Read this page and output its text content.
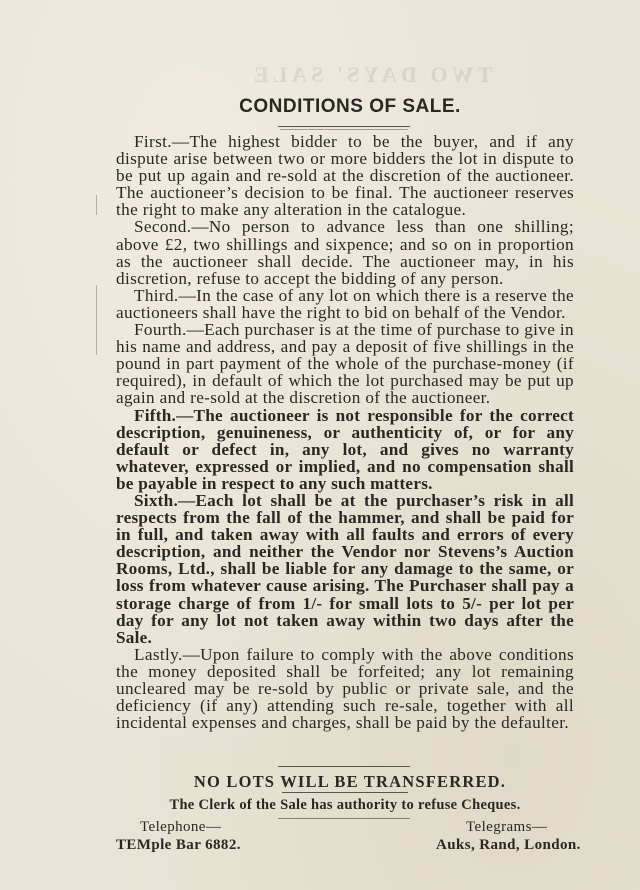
TWO DAYS' SALE
CONDITIONS OF SALE.

First.—The highest bidder to be the buyer, and if any dispute arise between two or more bidders the lot in dispute to be put up again and re-sold at the discretion of the auctioneer. The auctioneer’s decision to be final. The auctioneer reserves the right to make any alteration in the catalogue.

Second.—No person to advance less than one shilling; above £2, two shillings and sixpence; and so on in proportion as the auctioneer shall decide. The auctioneer may, in his discretion, refuse to accept the bidding of any person.

Third.—In the case of any lot on which there is a reserve the auctioneers shall have the right to bid on behalf of the Vendor.

Fourth.—Each purchaser is at the time of purchase to give in his name and address, and pay a deposit of five shillings in the pound in part payment of the whole of the purchase-money (if required), in default of which the lot purchased may be put up again and re-sold at the discretion of the auctioneer.

Fifth.—The auctioneer is not responsible for the correct description, genuineness, or authenticity of, or for any default or defect in, any lot, and gives no warranty whatever, expressed or implied, and no compensation shall be payable in respect to any such matters.

Sixth.—Each lot shall be at the purchaser’s risk in all respects from the fall of the hammer, and shall be paid for in full, and taken away with all faults and errors of every description, and neither the Vendor nor Stevens’s Auction Rooms, Ltd., shall be liable for any damage to the same, or loss from whatever cause arising. The Purchaser shall pay a storage charge of from 1/- for small lots to 5/- per lot per day for any lot not taken away within two days after the Sale.

Lastly.—Upon failure to comply with the above conditions the money deposited shall be forfeited; any lot remaining uncleared may be re-sold by public or private sale, and the deficiency (if any) attending such re-sale, together with all incidental expenses and charges, shall be paid by the defaulter.

NO LOTS WILL BE TRANSFERRED.
The Clerk of the Sale has authority to refuse Cheques.
Telephone—
TEMple Bar 6882.
Telegrams—
Auks, Rand, London.
